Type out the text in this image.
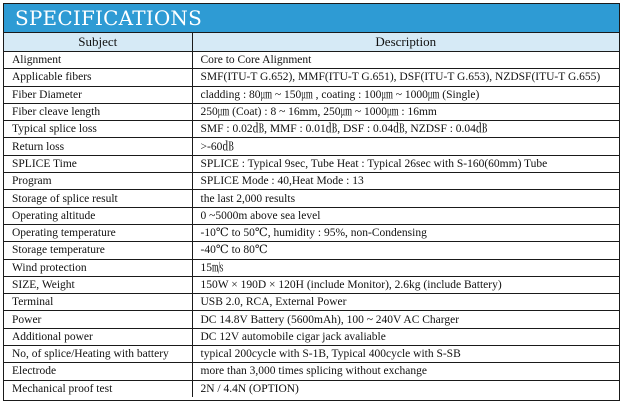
SPECIFICATIONS
Subject	Description
Alignment	Core to Core Alignment
Applicable fibers	SMF(ITU-T G.652), MMF(ITU-T G.651), DSF(ITU-T G.653), NZDSF(ITU-T G.655)
Fiber Diameter	cladding : 80㎛ ~ 150㎛ , coating : 100㎛ ~ 1000㎛ (Single)
Fiber cleave length	250㎛ (Coat) : 8 ~ 16mm, 250㎛ ~ 1000㎛ : 16mm
Typical splice loss	SMF : 0.02㏈, MMF : 0.01㏈, DSF : 0.04㏈, NZDSF : 0.04㏈
Return loss	>-60㏈
SPLICE Time	SPLICE : Typical 9sec, Tube Heat : Typical 26sec with S-160(60mm) Tube
Program	SPLICE Mode : 40,Heat Mode : 13
Storage of splice result	the last 2,000 results
Operating altitude	0 ~5000m above sea level
Operating temperature	-10℃ to 50℃, humidity : 95%, non-Condensing
Storage temperature	-40℃ to 80℃
Wind protection	15㎧
SIZE, Weight	150W × 190D × 120H (include Monitor), 2.6kg (include Battery)
Terminal	USB 2.0, RCA, External Power
Power	DC 14.8V Battery (5600mAh), 100 ~ 240V AC Charger
Additional power	DC 12V automobile cigar jack avaliable
No, of splice/Heating with battery	typical 200cycle with S-1B, Typical 400cycle with S-SB
Electrode	more than 3,000 times splicing without exchange
Mechanical proof test	2N / 4.4N (OPTION)
